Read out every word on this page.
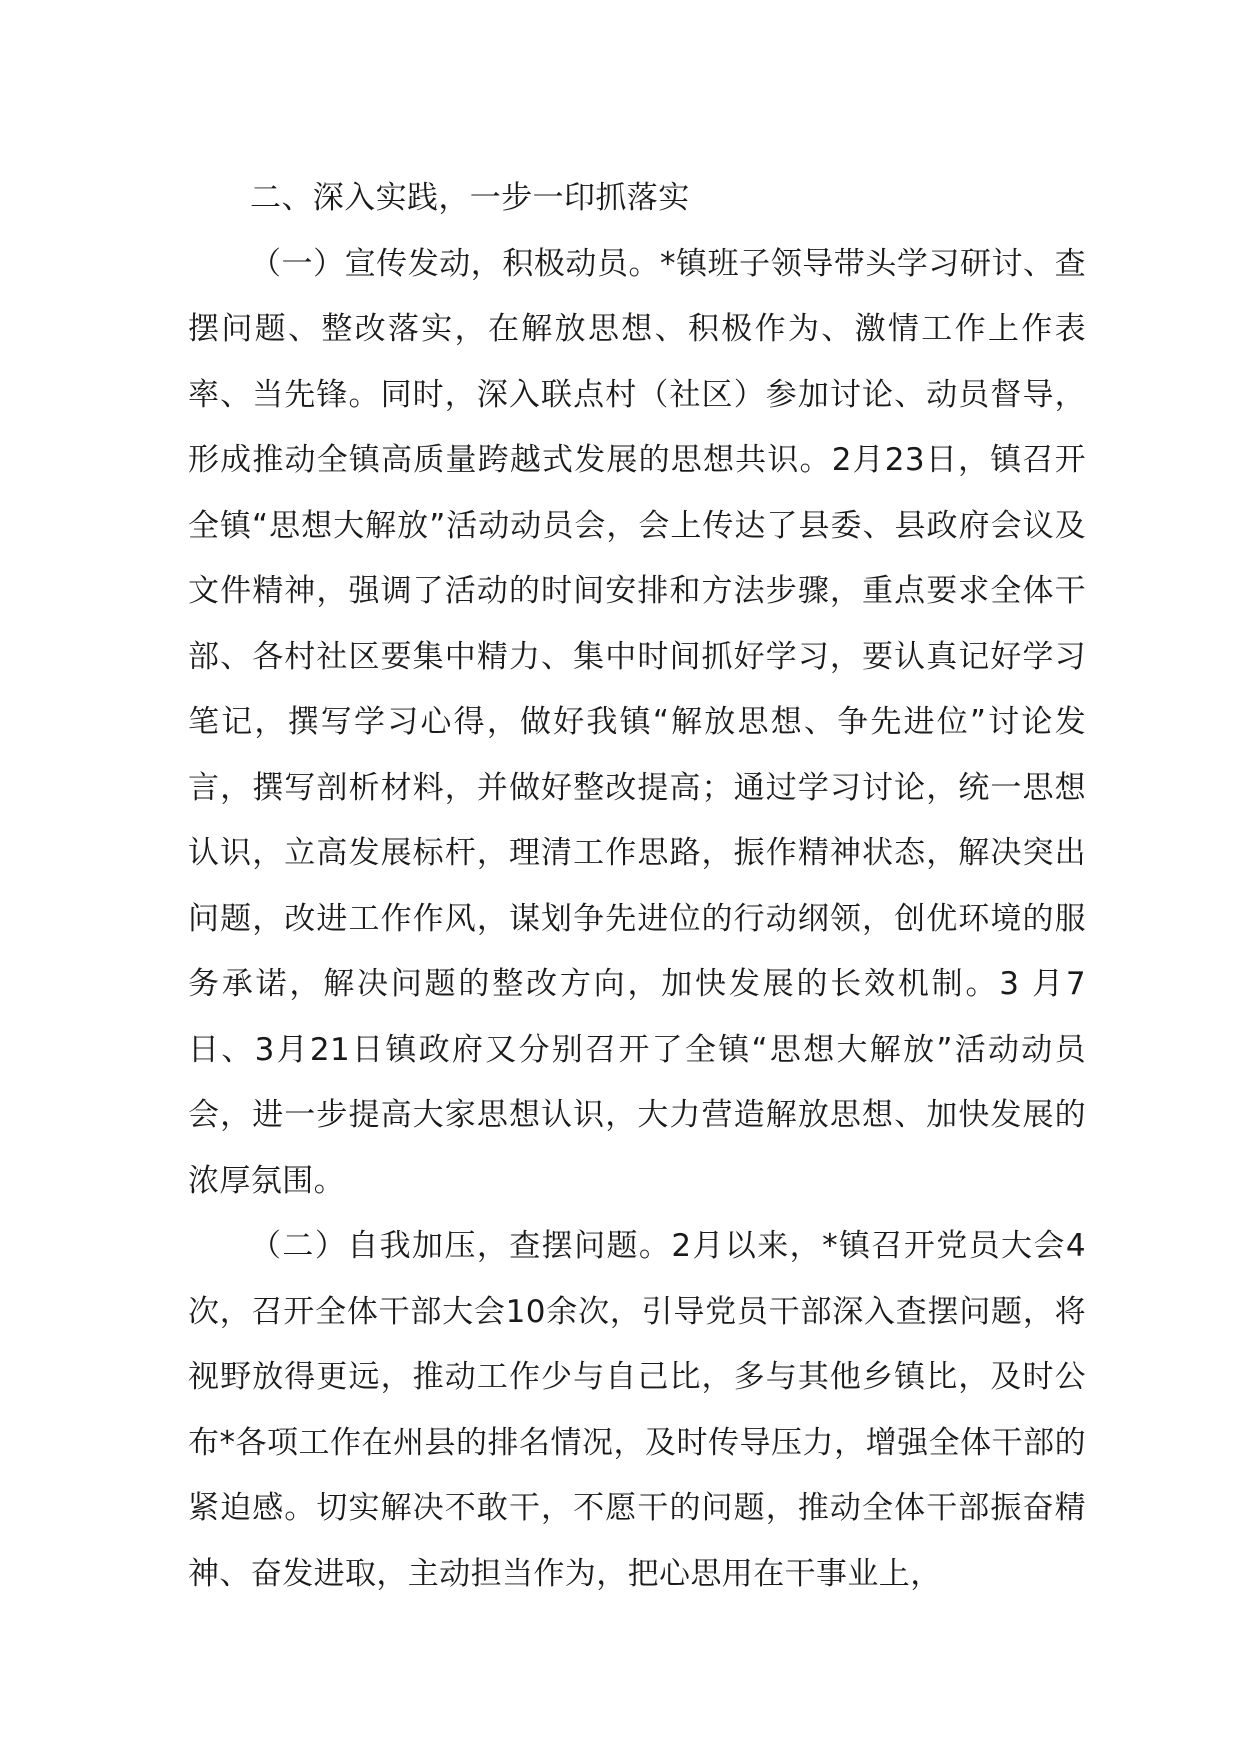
二、深入实践，一步一印抓落实

（一）宣传发动，积极动员。*镇班子领导带头学习研讨、查摆问题、整改落实，在解放思想、积极作为、激情工作上作表率、当先锋。同时，深入联点村（社区）参加讨论、动员督导，形成推动全镇高质量跨越式发展的思想共识。2月23日，镇召开全镇“思想大解放”活动动员会，会上传达了县委、县政府会议及文件精神，强调了活动的时间安排和方法步骤，重点要求全体干部、各村社区要集中精力、集中时间抓好学习，要认真记好学习笔记，撰写学习心得，做好我镇“解放思想、争先进位”讨论发言，撰写剖析材料，并做好整改提高；通过学习讨论，统一思想认识，立高发展标杆，理清工作思路，振作精神状态，解决突出问题，改进工作作风，谋划争先进位的行动纲领，创优环境的服务承诺，解决问题的整改方向，加快发展的长效机制。3 月7日、3月21日镇政府又分别召开了全镇“思想大解放”活动动员会，进一步提高大家思想认识，大力营造解放思想、加快发展的浓厚氛围。

（二）自我加压，查摆问题。2月以来，*镇召开党员大会4次，召开全体干部大会10余次，引导党员干部深入查摆问题，将视野放得更远，推动工作少与自己比，多与其他乡镇比，及时公布*各项工作在州县的排名情况，及时传导压力，增强全体干部的紧迫感。切实解决不敢干，不愿干的问题，推动全体干部振奋精神、奋发进取，主动担当作为，把心思用在干事业上，
